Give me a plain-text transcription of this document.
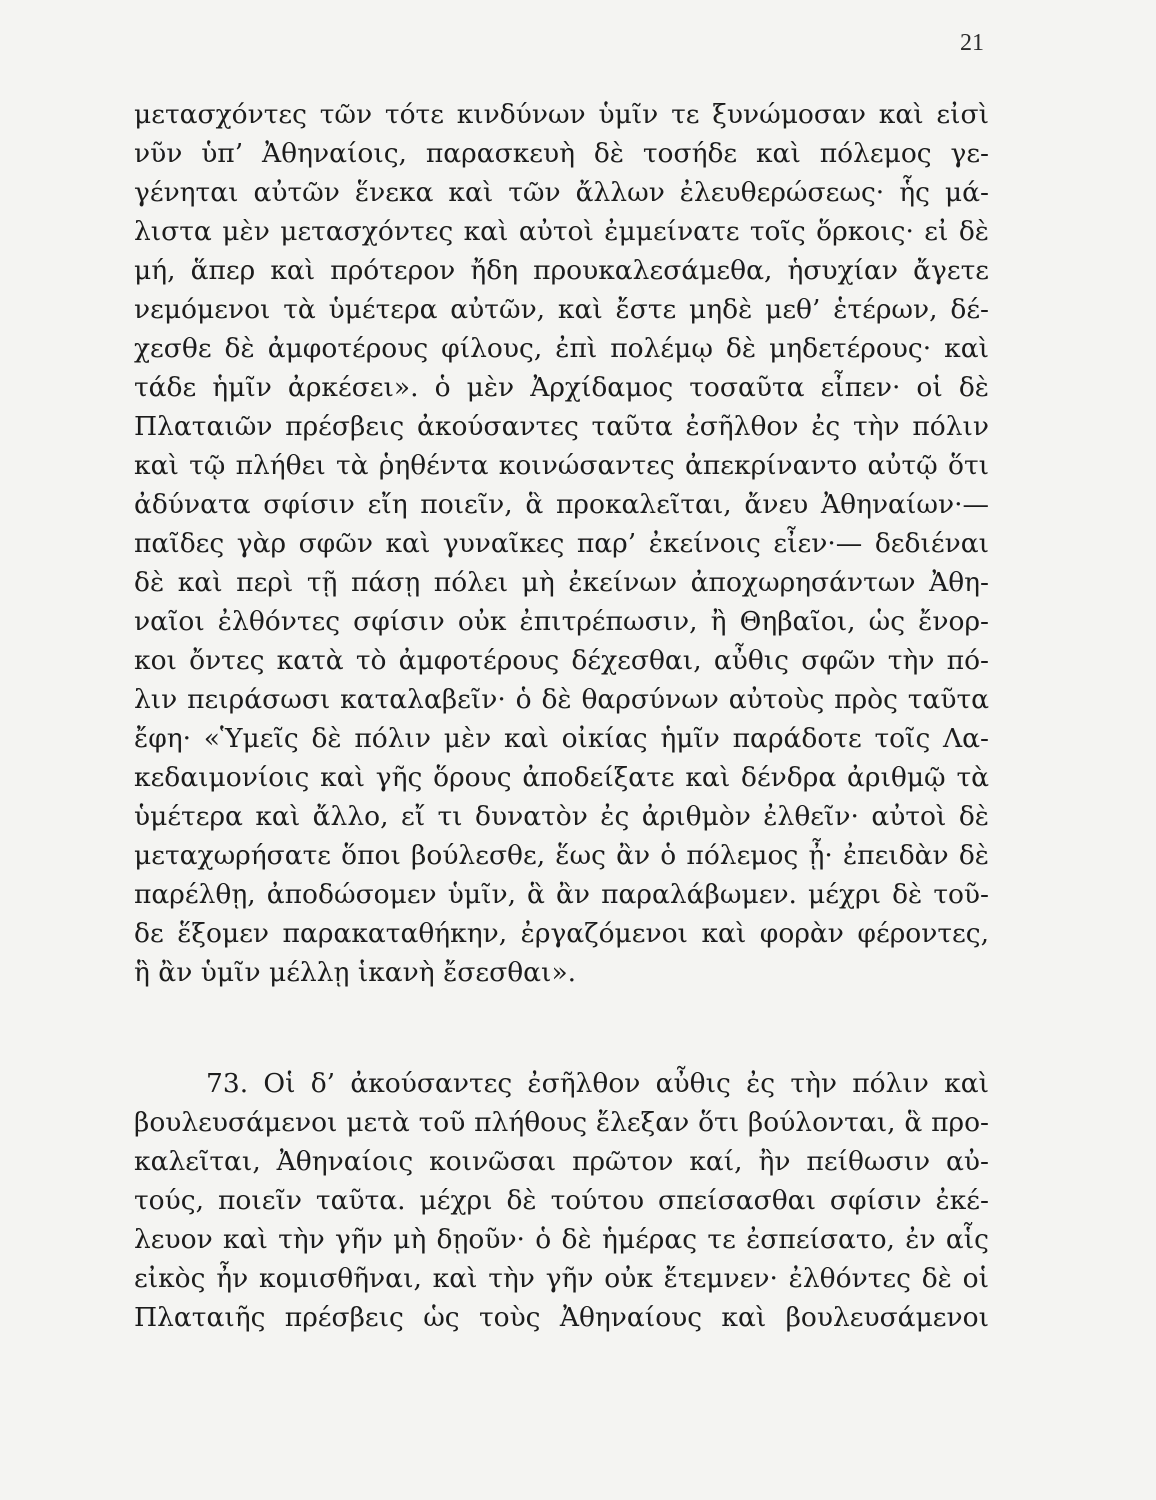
21
μετασχόντες τῶν τότε κινδύνων ὑμῖν τε ξυνώμοσαν καὶ εἰσὶ
νῦν ὑπ’ Ἀθηναίοις, παρασκευὴ δὲ τοσήδε καὶ πόλεμος γε-
γένηται αὐτῶν ἕνεκα καὶ τῶν ἄλλων ἐλευθερώσεως· ἧς μά-
λιστα μὲν μετασχόντες καὶ αὐτοὶ ἐμμείνατε τοῖς ὅρκοις· εἰ δὲ
μή, ἅπερ καὶ πρότερον ἤδη προυκαλεσάμεθα, ἡσυχίαν ἄγετε
νεμόμενοι τὰ ὑμέτερα αὐτῶν, καὶ ἔστε μηδὲ μεθ’ ἑτέρων, δέ-
χεσθε δὲ ἀμφοτέρους φίλους, ἐπὶ πολέμῳ δὲ μηδετέρους· καὶ
τάδε ἡμῖν ἀρκέσει». ὁ μὲν Ἀρχίδαμος τοσαῦτα εἶπεν· οἱ δὲ
Πλαταιῶν πρέσβεις ἀκούσαντες ταῦτα ἐσῆλθον ἐς τὴν πόλιν
καὶ τῷ πλήθει τὰ ῥηθέντα κοινώσαντες ἀπεκρίναντο αὐτῷ ὅτι
ἀδύνατα σφίσιν εἴη ποιεῖν, ἃ προκαλεῖται, ἄνευ Ἀθηναίων·—
παῖδες γὰρ σφῶν καὶ γυναῖκες παρ’ ἐκείνοις εἶεν·— δεδιέναι
δὲ καὶ περὶ τῇ πάσῃ πόλει μὴ ἐκείνων ἀποχωρησάντων Ἀθη-
ναῖοι ἐλθόντες σφίσιν οὐκ ἐπιτρέπωσιν, ἢ Θηβαῖοι, ὡς ἔνορ-
κοι ὄντες κατὰ τὸ ἀμφοτέρους δέχεσθαι, αὖθις σφῶν τὴν πό-
λιν πειράσωσι καταλαβεῖν· ὁ δὲ θαρσύνων αὐτοὺς πρὸς ταῦτα
ἔφη· «Ὑμεῖς δὲ πόλιν μὲν καὶ οἰκίας ἡμῖν παράδοτε τοῖς Λα-
κεδαιμονίοις καὶ γῆς ὅρους ἀποδείξατε καὶ δένδρα ἀριθμῷ τὰ
ὑμέτερα καὶ ἄλλο, εἴ τι δυνατὸν ἐς ἀριθμὸν ἐλθεῖν· αὐτοὶ δὲ
μεταχωρήσατε ὅποι βούλεσθε, ἕως ἂν ὁ πόλεμος ᾖ· ἐπειδὰν δὲ
παρέλθῃ, ἀποδώσομεν ὑμῖν, ἃ ἂν παραλάβωμεν. μέχρι δὲ τοῦ-
δε ἕξομεν παρακαταθήκην, ἐργαζόμενοι καὶ φορὰν φέροντες,
ἣ ἂν ὑμῖν μέλλῃ ἱκανὴ ἔσεσθαι».
73. Οἱ δ’ ἀκούσαντες ἐσῆλθον αὖθις ἐς τὴν πόλιν καὶ
βουλευσάμενοι μετὰ τοῦ πλήθους ἔλεξαν ὅτι βούλονται, ἃ προ-
καλεῖται, Ἀθηναίοις κοινῶσαι πρῶτον καί, ἢν πείθωσιν αὐ-
τούς, ποιεῖν ταῦτα. μέχρι δὲ τούτου σπείσασθαι σφίσιν ἐκέ-
λευον καὶ τὴν γῆν μὴ δῃοῦν· ὁ δὲ ἡμέρας τε ἐσπείσατο, ἐν αἷς
εἰκὸς ἦν κομισθῆναι, καὶ τὴν γῆν οὐκ ἔτεμνεν· ἐλθόντες δὲ οἱ
Πλαταιῆς πρέσβεις ὡς τοὺς Ἀθηναίους καὶ βουλευσάμενοι
